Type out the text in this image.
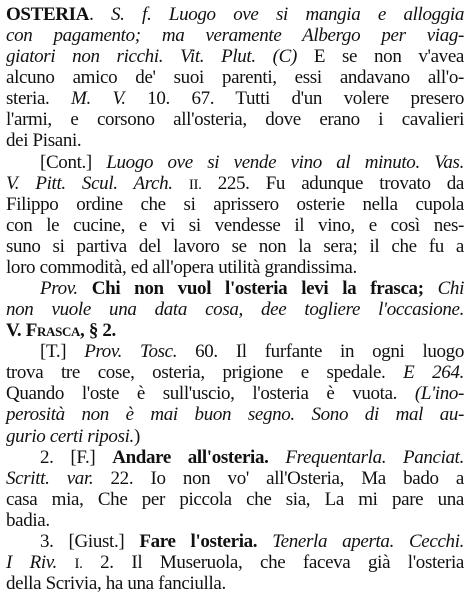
OSTERIA. S. f. Luogo ove si mangia e alloggia
con pagamento; ma veramente Albergo per viag-
giatori non ricchi. Vit. Plut. (C) E se non v'avea
alcuno amico de' suoi parenti, essi andavano all'o-
steria. M. V. 10. 67. Tutti d'un volere presero
l'armi, e corsono all'osteria, dove erano i cavalieri
dei Pisani.
[Cont.] Luogo ove si vende vino al minuto. Vas.
V. Pitt. Scul. Arch. II. 225. Fu adunque trovato da
Filippo ordine che si aprissero osterie nella cupola
con le cucine, e vi si vendesse il vino, e così nes-
suno si partiva del lavoro se non la sera; il che fu a
loro commodità, ed all'opera utilità grandissima.
Prov. Chi non vuol l'osteria levi la frasca; Chi
non vuole una data cosa, dee togliere l'occasione.
V. Frasca, § 2.
[T.] Prov. Tosc. 60. Il furfante in ogni luogo
trova tre cose, osteria, prigione e spedale. E 264.
Quando l'oste è sull'uscio, l'osteria è vuota. (L'ino-
perosità non è mai buon segno. Sono di mal au-
gurio certi riposi.)
2. [F.] Andare all'osteria. Frequentarla. Panciat.
Scritt. var. 22. Io non vo' all'Osteria, Ma bado a
casa mia, Che per piccola che sia, La mi pare una
badia.
3. [Giust.] Fare l'osteria. Tenerla aperta. Cecchi.
I Riv. I. 2. Il Museruola, che faceva già l'osteria
della Scrivia, ha una fanciulla.
